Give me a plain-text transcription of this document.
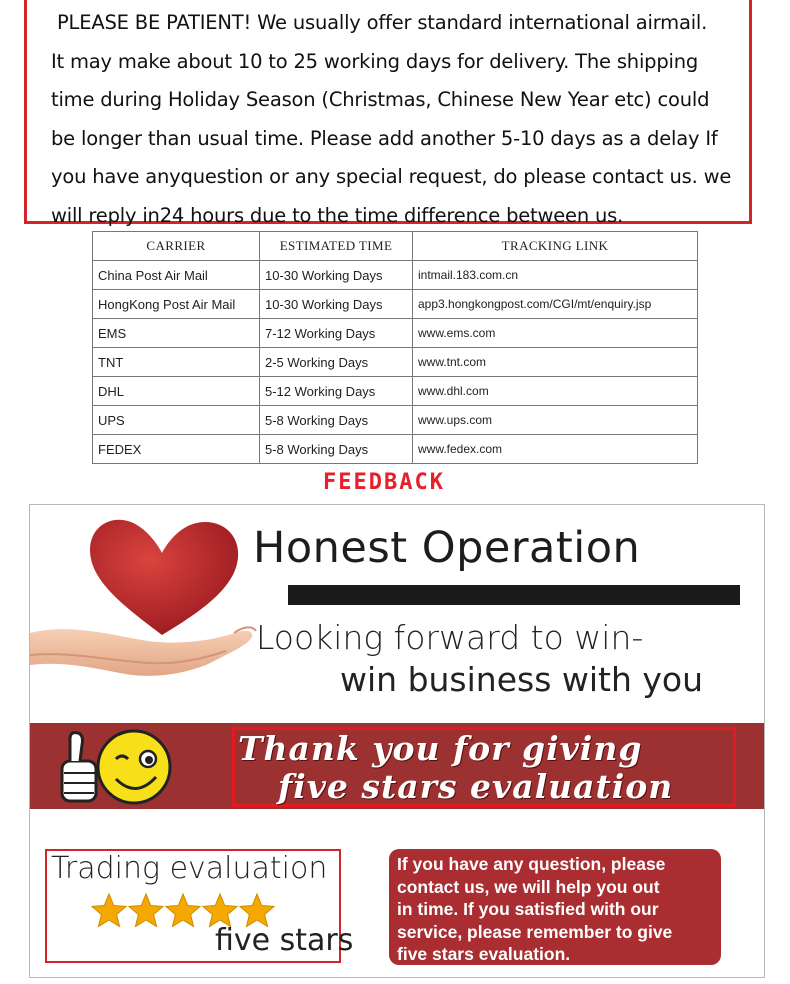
PLEASE BE PATIENT! We usually offer standard international airmail.

It may make about 10 to 25 working days for delivery. The shipping

time during Holiday Season (Christmas, Chinese New Year etc) could

be longer than usual time. Please add another 5-10 days as a delay If

you have anyquestion or any special request, do please contact us. we

will reply in24 hours due to the time difference between us.

CARRIER	ESTIMATED TIME	TRACKING LINK
China Post Air Mail	10-30 Working Days	intmail.183.com.cn
HongKong Post Air Mail	10-30 Working Days	app3.hongkongpost.com/CGI/mt/enquiry.jsp
EMS	7-12 Working Days	www.ems.com
TNT	2-5 Working Days	www.tnt.com
DHL	5-12 Working Days	www.dhl.com
UPS	5-8 Working Days	www.ups.com
FEDEX	5-8 Working Days	www.fedex.com
FEEDBACK
Honest Operation
Looking forward to win-
win business with you
Thank you for giving
five stars evaluation
Trading evaluation
five stars

If you have any question, please

contact us, we will help you out

in time. If you satisfied with our

service, please remember to give

five stars evaluation.
